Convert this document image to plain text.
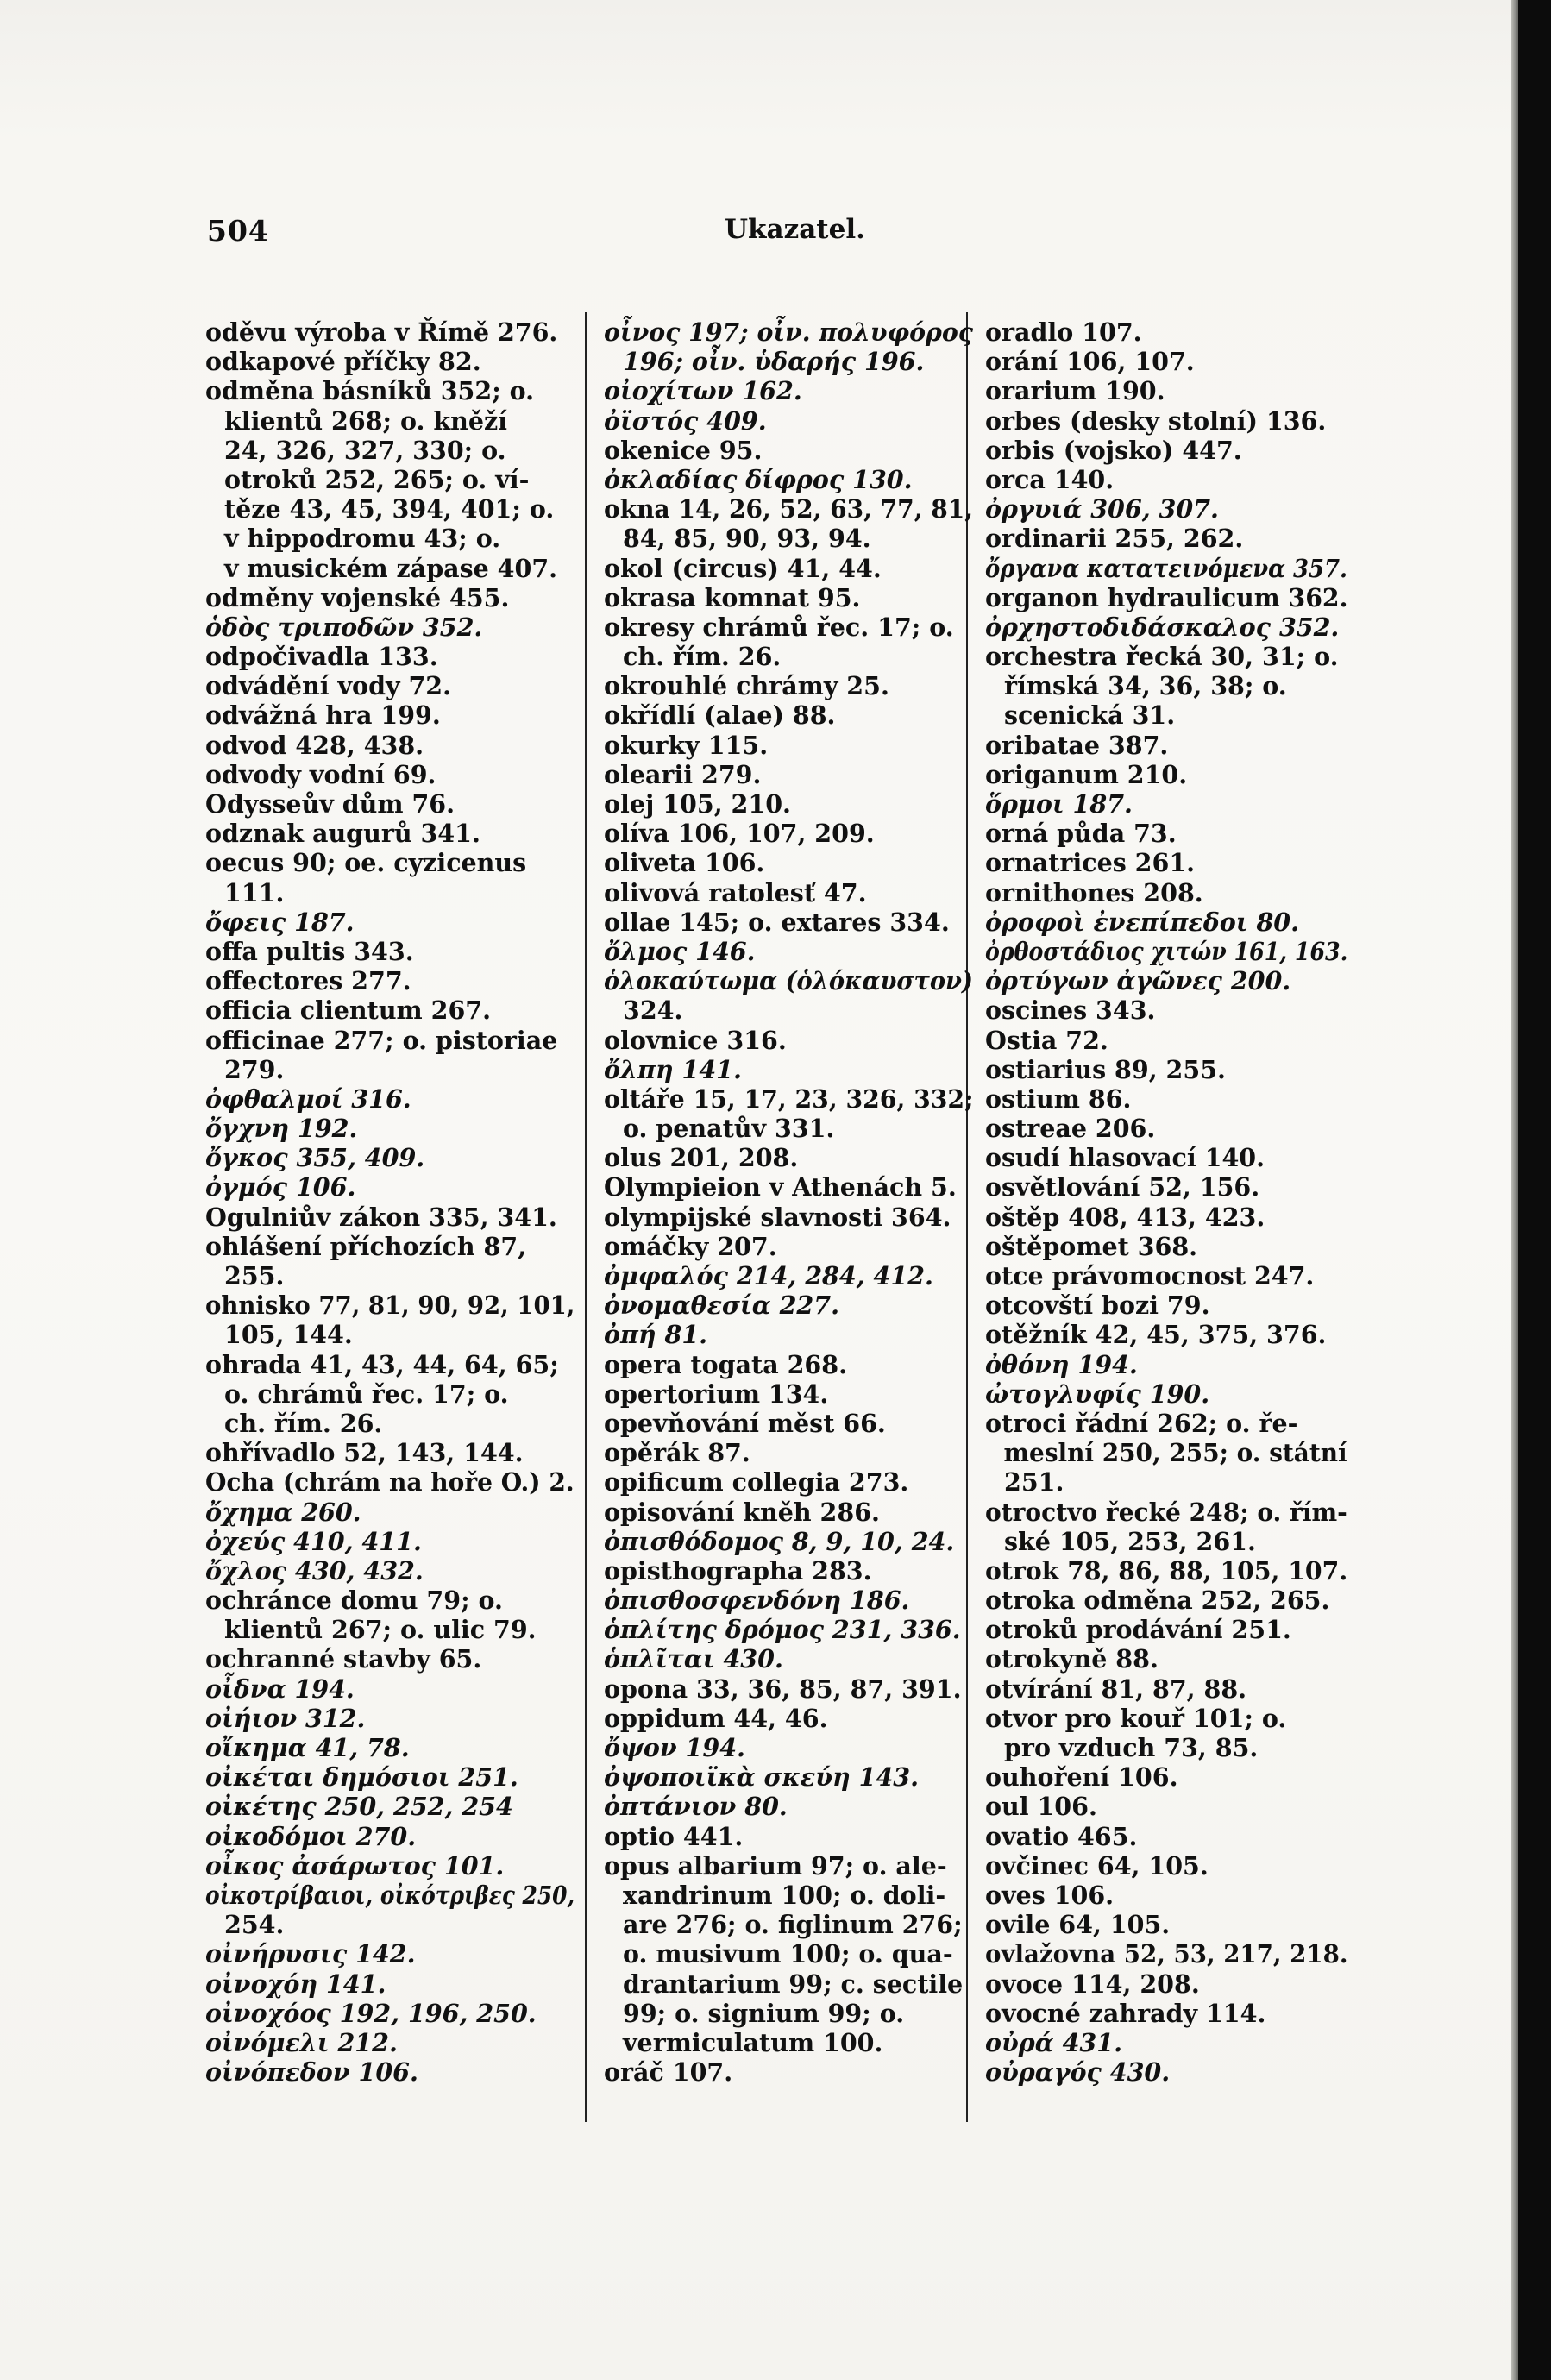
504	Ukazatel.
oděvu výroba v Římě 276.
odkapové příčky 82.
odměna básníků 352; o.
klientů 268; o. kněží
24, 326, 327, 330; o.
otroků 252, 265; o. ví-
těze 43, 45, 394, 401; o.
v hippodromu 43; o.
v musickém zápase 407.
odměny vojenské 455.
ὁδὸς τριποδῶν 352.
odpočivadla 133.
odvádění vody 72.
odvážná hra 199.
odvod 428, 438.
odvody vodní 69.
Odysseův dům 76.
odznak augurů 341.
oecus 90; oe. cyzicenus
111.
ὄφεις 187.
offa pultis 343.
offectores 277.
officia clientum 267.
officinae 277; o. pistoriae
279.
ὀφθαλμοί 316.
ὄγχνη 192.
ὄγκος 355, 409.
ὀγμός 106.
Ogulniův zákon 335, 341.
ohlášení příchozích 87,
255.
ohnisko 77, 81, 90, 92, 101,
105, 144.
ohrada 41, 43, 44, 64, 65;
o. chrámů řec. 17; o.
ch. řím. 26.
ohřívadlo 52, 143, 144.
Ocha (chrám na hoře O.) 2.
ὄχημα 260.
ὀχεύς 410, 411.
ὄχλος 430, 432.
ochránce domu 79; o.
klientů 267; o. ulic 79.
ochranné stavby 65.
οἶδνα 194.
οἰήιον 312.
οἴκημα 41, 78.
οἰκέται δημόσιοι 251.
οἰκέτης 250, 252, 254
οἰκοδόμοι 270.
οἶκος ἀσάρωτος 101.
οἰκοτρίβαιοι, οἰκότριβες 250,
254.
οἰνήρυσις 142.
οἰνοχόη 141.
οἰνοχόος 192, 196, 250.
οἰνόμελι 212.
οἰνόπεδον 106.
οἶνος 197; οἶν. πολυφόρος
196; οἶν. ὑδαρής 196.
οἰοχίτων 162.
ὀϊστός 409.
okenice 95.
ὀκλαδίας δίφρος 130.
okna 14, 26, 52, 63, 77, 81,
84, 85, 90, 93, 94.
okol (circus) 41, 44.
okrasa komnat 95.
okresy chrámů řec. 17; o.
ch. řím. 26.
okrouhlé chrámy 25.
okřídlí (alae) 88.
okurky 115.
olearii 279.
olej 105, 210.
olíva 106, 107, 209.
oliveta 106.
olivová ratolesť 47.
ollae 145; o. extares 334.
ὄλμος 146.
ὁλοκαύτωμα (ὁλόκαυστον)
324.
olovnice 316.
ὄλπη 141.
oltáře 15, 17, 23, 326, 332;
o. penatův 331.
olus 201, 208.
Olympieion v Athenách 5.
olympijské slavnosti 364.
omáčky 207.
ὀμφαλός 214, 284, 412.
ὀνομαθεσία 227.
ὀπή 81.
opera togata 268.
opertorium 134.
opevňování měst 66.
opěrák 87.
opificum collegia 273.
opisování kněh 286.
ὀπισθόδομος 8, 9, 10, 24.
opisthographa 283.
ὀπισθοσφενδόνη 186.
ὁπλίτης δρόμος 231, 336.
ὁπλῖται 430.
opona 33, 36, 85, 87, 391.
oppidum 44, 46.
ὄψον 194.
ὀψοποιϊκὰ σκεύη 143.
ὀπτάνιον 80.
optio 441.
opus albarium 97; o. ale-
xandrinum 100; o. doli-
are 276; o. figlinum 276;
o. musivum 100; o. qua-
drantarium 99; c. sectile
99; o. signium 99; o.
vermiculatum 100.
oráč 107.
oradlo 107.
orání 106, 107.
orarium 190.
orbes (desky stolní) 136.
orbis (vojsko) 447.
orca 140.
ὀργυιά 306, 307.
ordinarii 255, 262.
ὄργανα κατατεινόμενα 357.
organon hydraulicum 362.
ὀρχηστοδιδάσκαλος 352.
orchestra řecká 30, 31; o.
římská 34, 36, 38; o.
scenická 31.
oribatae 387.
origanum 210.
ὅρμοι 187.
orná půda 73.
ornatrices 261.
ornithones 208.
ὀροφοὶ ἐνεπίπεδοι 80.
ὀρθοστάδιος χιτών 161, 163.
ὀρτύγων ἀγῶνες 200.
oscines 343.
Ostia 72.
ostiarius 89, 255.
ostium 86.
ostreae 206.
osudí hlasovací 140.
osvětlování 52, 156.
oštěp 408, 413, 423.
oštěpomet 368.
otce právomocnost 247.
otcovští bozi 79.
otěžník 42, 45, 375, 376.
ὀθόνη 194.
ὠτογλυφίς 190.
otroci řádní 262; o. ře-
meslní 250, 255; o. státní
251.
otroctvo řecké 248; o. řím-
ské 105, 253, 261.
otrok 78, 86, 88, 105, 107.
otroka odměna 252, 265.
otroků prodávání 251.
otrokyně 88.
otvírání 81, 87, 88.
otvor pro kouř 101; o.
pro vzduch 73, 85.
ouhoření 106.
oul 106.
ovatio 465.
ovčinec 64, 105.
oves 106.
ovile 64, 105.
ovlažovna 52, 53, 217, 218.
ovoce 114, 208.
ovocné zahrady 114.
οὐρά 431.
οὐραγός 430.
